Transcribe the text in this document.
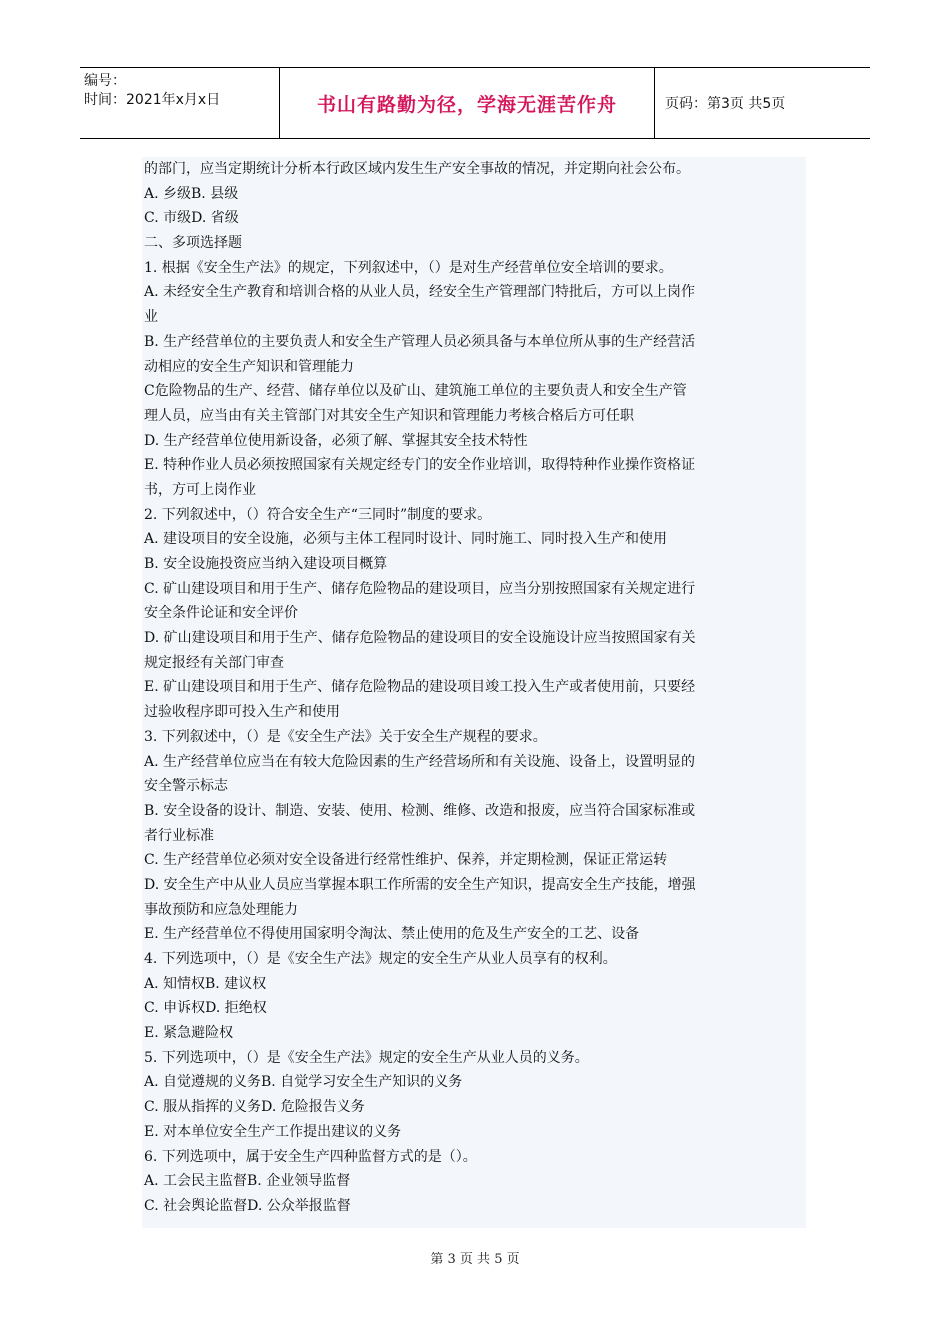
编号：
时间：2021年x月x日	书山有路勤为径，学海无涯苦作舟	页码：第3页 共5页
的部门，应当定期统计分析本行政区域内发生生产安全事故的情况，并定期向社会公布。
A. 乡级B. 县级
C. 市级D. 省级
二、多项选择题
1. 根据《安全生产法》的规定，下列叙述中，（）是对生产经营单位安全培训的要求。
A. 未经安全生产教育和培训合格的从业人员，经安全生产管理部门特批后，方可以上岗作
业
B. 生产经营单位的主要负责人和安全生产管理人员必须具备与本单位所从事的生产经营活
动相应的安全生产知识和管理能力
C危险物品的生产、经营、储存单位以及矿山、建筑施工单位的主要负责人和安全生产管
理人员，应当由有关主管部门对其安全生产知识和管理能力考核合格后方可任职
D. 生产经营单位使用新设备，必须了解、掌握其安全技术特性
E. 特种作业人员必须按照国家有关规定经专门的安全作业培训，取得特种作业操作资格证
书，方可上岗作业
2. 下列叙述中，（）符合安全生产“三同时”制度的要求。
A. 建设项目的安全设施，必须与主体工程同时设计、同时施工、同时投入生产和使用
B. 安全设施投资应当纳入建设项目概算
C. 矿山建设项目和用于生产、储存危险物品的建设项目，应当分别按照国家有关规定进行
安全条件论证和安全评价
D. 矿山建设项目和用于生产、储存危险物品的建设项目的安全设施设计应当按照国家有关
规定报经有关部门审查
E. 矿山建设项目和用于生产、储存危险物品的建设项目竣工投入生产或者使用前，只要经
过验收程序即可投入生产和使用
3. 下列叙述中，（）是《安全生产法》关于安全生产规程的要求。
A. 生产经营单位应当在有较大危险因素的生产经营场所和有关设施、设备上，设置明显的
安全警示标志
B. 安全设备的设计、制造、安装、使用、检测、维修、改造和报废，应当符合国家标准或
者行业标准
C. 生产经营单位必须对安全设备进行经常性维护、保养，并定期检测，保证正常运转
D. 安全生产中从业人员应当掌握本职工作所需的安全生产知识，提高安全生产技能，增强
事故预防和应急处理能力
E. 生产经营单位不得使用国家明令淘汰、禁止使用的危及生产安全的工艺、设备
4. 下列选项中，（）是《安全生产法》规定的安全生产从业人员享有的权利。
A. 知情权B. 建议权
C. 申诉权D. 拒绝权
E. 紧急避险权
5. 下列选项中，（）是《安全生产法》规定的安全生产从业人员的义务。
A. 自觉遵规的义务B. 自觉学习安全生产知识的义务
C. 服从指挥的义务D. 危险报告义务
E. 对本单位安全生产工作提出建议的义务
6. 下列选项中，属于安全生产四种监督方式的是（）。
A. 工会民主监督B. 企业领导监督
C. 社会舆论监督D. 公众举报监督
第 3 页 共 5 页
